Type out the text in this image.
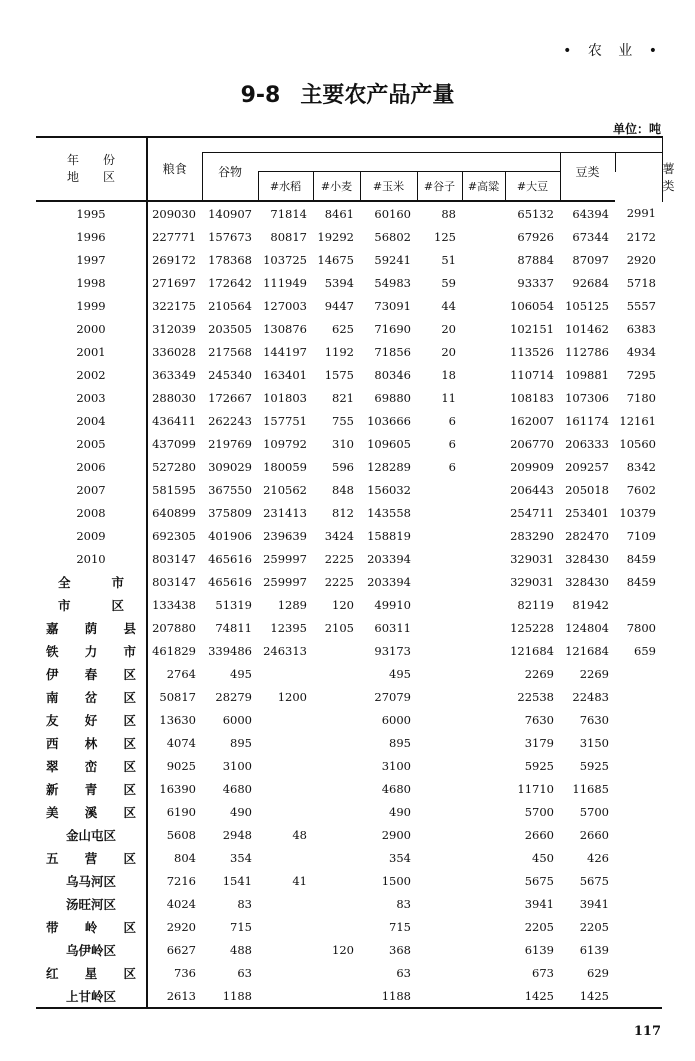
• 农 业 •
9-8 主要农产品产量
单位：吨
年　　份
地　　区	粮食										薯类
		谷物							豆类		
			#水稻	#小麦	#玉米	#谷子	#高粱	#大豆			
1995	209030	140907	71814	8461	60160	88		65132	64394	2991	
1996	227771	157673	80817	19292	56802	125		67926	67344	2172	
1997	269172	178368	103725	14675	59241	51		87884	87097	2920	
1998	271697	172642	111949	5394	54983	59		93337	92684	5718	
1999	322175	210564	127003	9447	73091	44		106054	105125	5557	
2000	312039	203505	130876	625	71690	20		102151	101462	6383	
2001	336028	217568	144197	1192	71856	20		113526	112786	4934	
2002	363349	245340	163401	1575	80346	18		110714	109881	7295	
2003	288030	172667	101803	821	69880	11		108183	107306	7180	
2004	436411	262243	157751	755	103666	6		162007	161174	12161	
2005	437099	219769	109792	310	109605	6		206770	206333	10560	
2006	527280	309029	180059	596	128289	6		209909	209257	8342	
2007	581595	367550	210562	848	156032			206443	205018	7602	
2008	640899	375809	231413	812	143558			254711	253401	10379	
2009	692305	401906	239639	3424	158819			283290	282470	7109	
2010	803147	465616	259997	2225	203394			329031	328430	8459	
全市	803147	465616	259997	2225	203394			329031	328430	8459	
市区	133438	51319	1289	120	49910			82119	81942		
嘉荫县	207880	74811	12395	2105	60311			125228	124804	7800	
铁力市	461829	339486	246313		93173			121684	121684	659	
伊春区	2764	495			495			2269	2269		
南岔区	50817	28279	1200		27079			22538	22483		
友好区	13630	6000			6000			7630	7630		
西林区	4074	895			895			3179	3150		
翠峦区	9025	3100			3100			5925	5925		
新青区	16390	4680			4680			11710	11685		
美溪区	6190	490			490			5700	5700		
金山屯区	5608	2948	48		2900			2660	2660		
五营区	804	354			354			450	426		
乌马河区	7216	1541	41		1500			5675	5675		
汤旺河区	4024	83			83			3941	3941		
带岭区	2920	715			715			2205	2205		
乌伊岭区	6627	488		120	368			6139	6139		
红星区	736	63			63			673	629		
上甘岭区	2613	1188			1188			1425	1425		
117
